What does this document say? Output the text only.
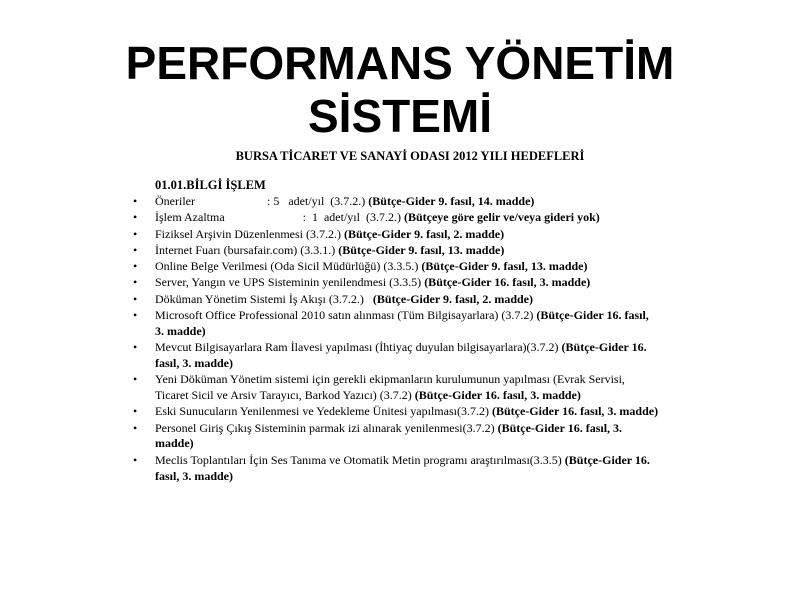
PERFORMANS YÖNETİM
SİSTEMİ
BURSA TİCARET VE SANAYİ ODASI 2012 YILI HEDEFLERİ
01.01.BİLGİ İŞLEM
• Öneriler                        : 5   adet/yıl  (3.7.2.) (Bütçe-Gider 9. fasıl, 14. madde)
• İşlem Azaltma                          :  1  adet/yıl  (3.7.2.) (Bütçeye göre gelir ve/veya gideri yok)
• Fiziksel Arşivin Düzenlenmesi (3.7.2.) (Bütçe-Gider 9. fasıl, 2. madde)
• İnternet Fuarı (bursafair.com) (3.3.1.) (Bütçe-Gider 9. fasıl, 13. madde)
• Online Belge Verilmesi (Oda Sicil Müdürlüğü) (3.3.5.) (Bütçe-Gider 9. fasıl, 13. madde)
• Server, Yangın ve UPS Sisteminin yenilendmesi (3.3.5) (Bütçe-Gider 16. fasıl, 3. madde)
• Döküman Yönetim Sistemi İş Akışı (3.7.2.)   (Bütçe-Gider 9. fasıl, 2. madde)
• Microsoft Office Professional 2010 satın alınması (Tüm Bilgisayarlara) (3.7.2) (Bütçe-Gider 16. fasıl, 3. madde)
• Mevcut Bilgisayarlara Ram İlavesi yapılması (İhtiyaç duyulan bilgisayarlara)(3.7.2) (Bütçe-Gider 16. fasıl, 3. madde)
• Yeni Döküman Yönetim sistemi için gerekli ekipmanların kurulumunun yapılması (Evrak Servisi, Ticaret Sicil ve Arsiv Tarayıcı, Barkod Yazıcı) (3.7.2) (Bütçe-Gider 16. fasıl, 3. madde)
• Eski Sunucuların Yenilenmesi ve Yedekleme Ünitesi yapılması(3.7.2) (Bütçe-Gider 16. fasıl, 3. madde)
• Personel Giriş Çıkış Sisteminin parmak izi alınarak yenilenmesi(3.7.2) (Bütçe-Gider 16. fasıl, 3. madde)
• Meclis Toplantıları İçin Ses Tanıma ve Otomatik Metin programı araştırılması(3.3.5) (Bütçe-Gider 16. fasıl, 3. madde)
